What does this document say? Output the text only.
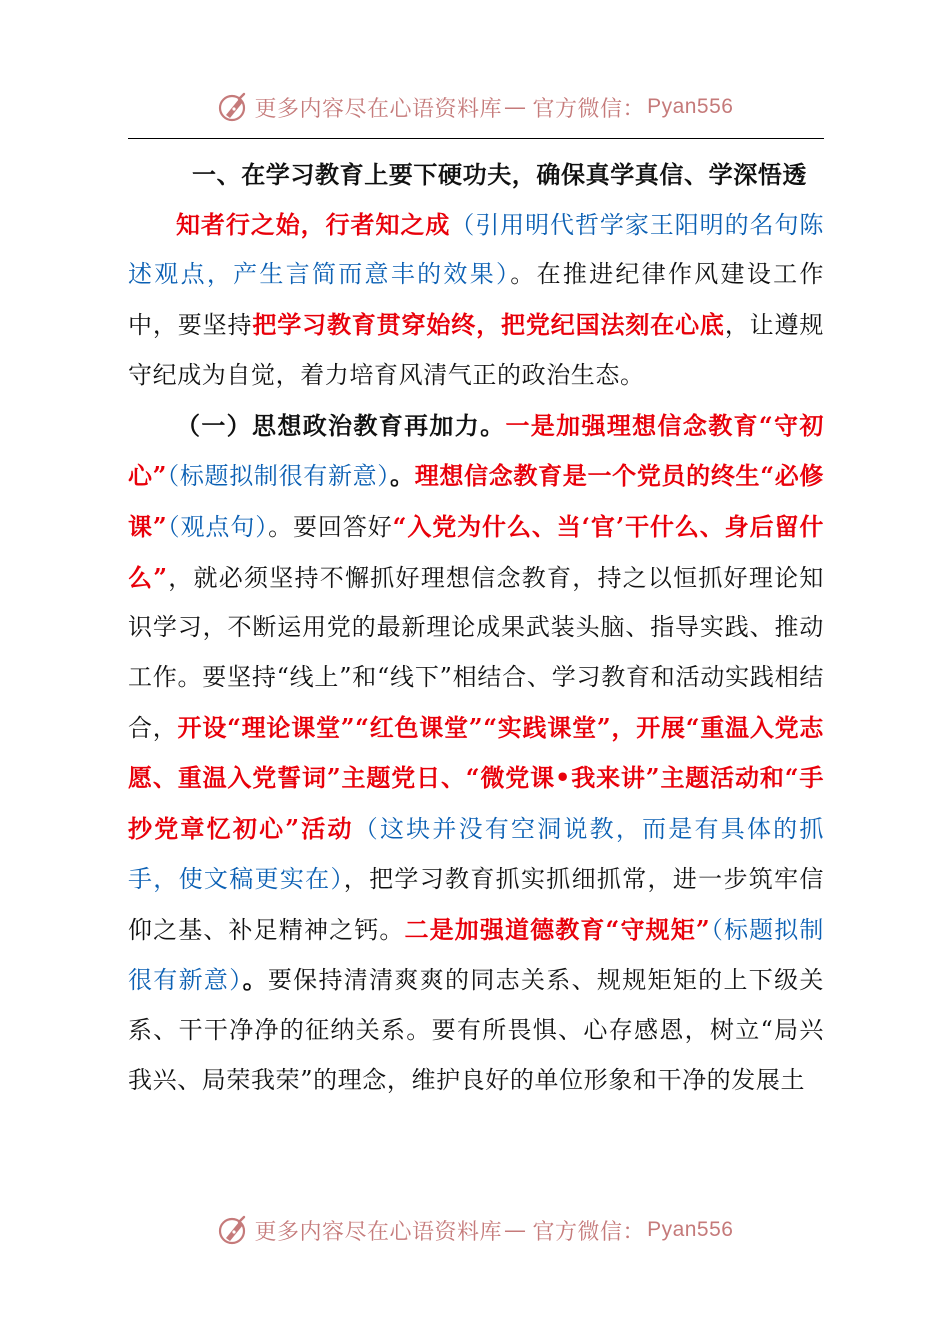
更多内容尽在心语资料库 — 官方微信： Pyan556

一、在学习教育上要下硬功夫，确保真学真信、学深悟透

知者行之始，行者知之成（引用明代哲学家王阳明的名句陈述观点，产生言简而意丰的效果）。在推进纪律作风建设工作中，要坚持把学习教育贯穿始终，把党纪国法刻在心底，让遵规守纪成为自觉，着力培育风清气正的政治生态。

（一）思想政治教育再加力。一是加强理想信念教育“守初心”（标题拟制很有新意）。理想信念教育是一个党员的终生“必修课”（观点句）。要回答好“入党为什么、当‘官’干什么、身后留什么”，就必须坚持不懈抓好理想信念教育，持之以恒抓好理论知识学习，不断运用党的最新理论成果武装头脑、指导实践、推动工作。要坚持“线上”和“线下”相结合、学习教育和活动实践相结合，开设“理论课堂”“红色课堂”“实践课堂”，开展“重温入党志愿、重温入党誓词”主题党日、“微党课•我来讲”主题活动和“手抄党章忆初心”活动（这块并没有空洞说教，而是有具体的抓手，使文稿更实在），把学习教育抓实抓细抓常，进一步筑牢信仰之基、补足精神之钙。二是加强道德教育“守规矩”（标题拟制很有新意）。要保持清清爽爽的同志关系、规规矩矩的上下级关系、干干净净的征纳关系。要有所畏惧、心存感恩，树立“局兴我兴、局荣我荣”的理念，维护良好的单位形象和干净的发展土

更多内容尽在心语资料库 — 官方微信： Pyan556
